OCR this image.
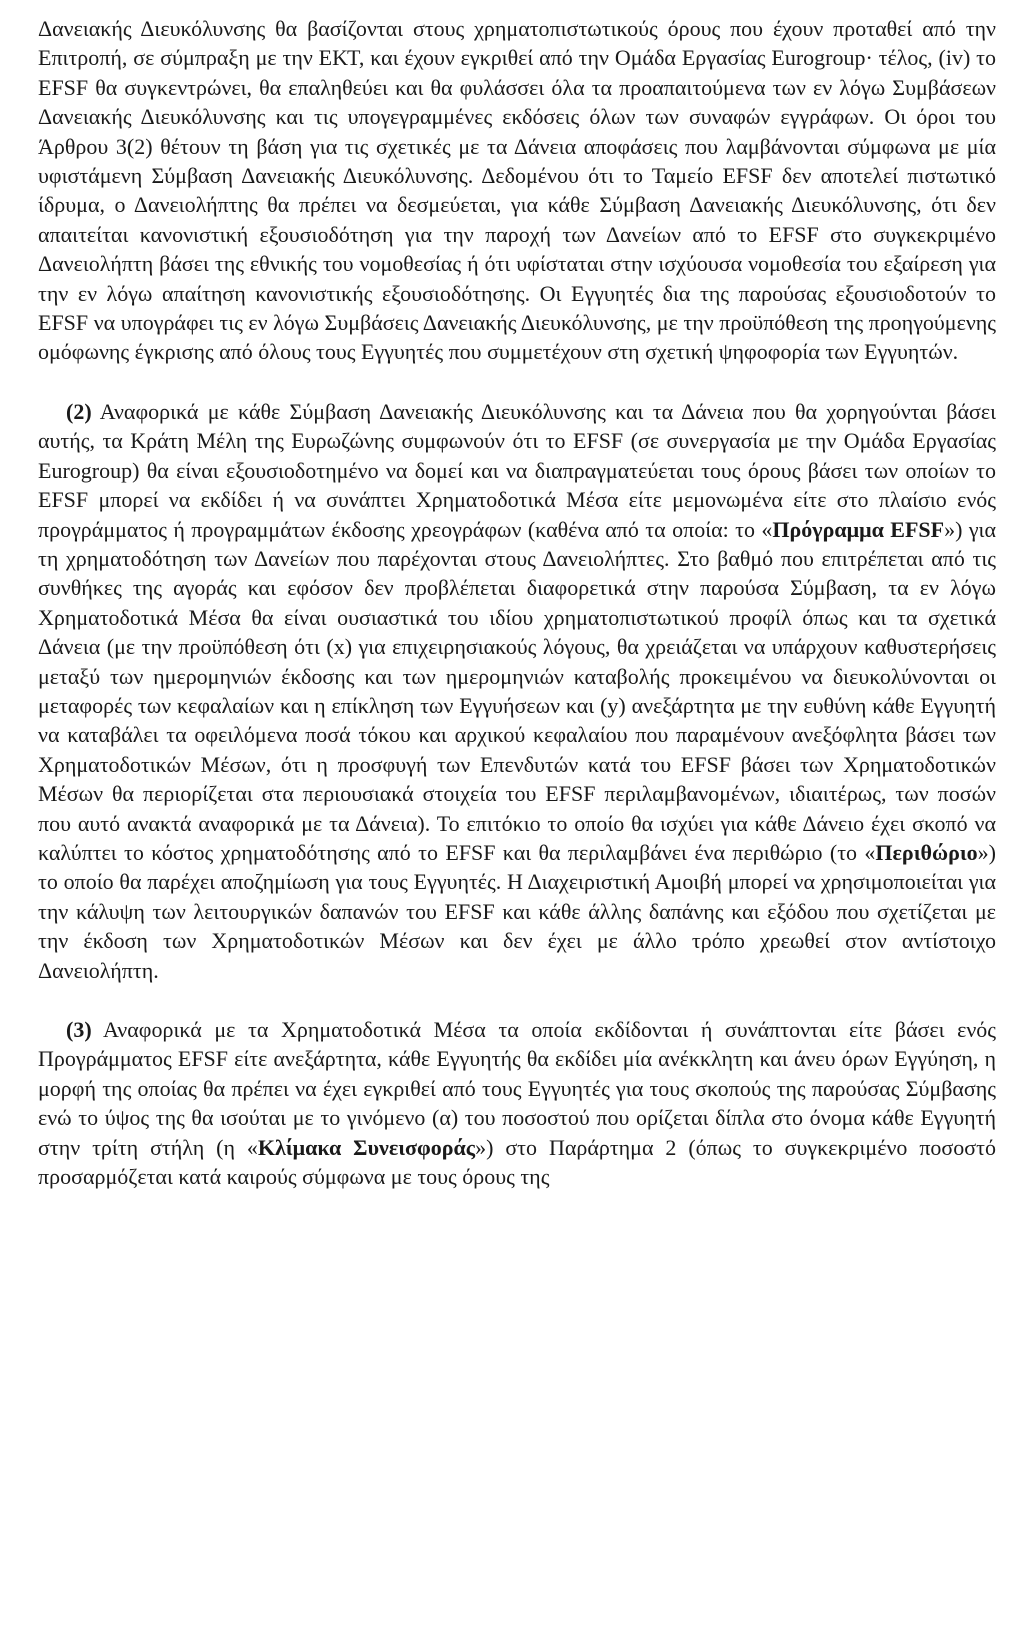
Δανειακής Διευκόλυνσης θα βασίζονται στους χρηματοπιστωτικούς όρους που έχουν προταθεί από την Επιτροπή, σε σύμπραξη με την ΕΚΤ, και έχουν εγκριθεί από την Ομάδα Εργασίας Eurogroup· τέλος, (iv) το EFSF θα συγκεντρώνει, θα επαληθεύει και θα φυλάσσει όλα τα προαπαιτούμενα των εν λόγω Συμβάσεων Δανειακής Διευκόλυνσης και τις υπογεγραμμένες εκδόσεις όλων των συναφών εγγράφων. Οι όροι του Άρθρου 3(2) θέτουν τη βάση για τις σχετικές με τα Δάνεια αποφάσεις που λαμβάνονται σύμφωνα με μία υφιστάμενη Σύμβαση Δανειακής Διευκόλυνσης. Δεδομένου ότι το Ταμείο EFSF δεν αποτελεί πιστωτικό ίδρυμα, ο Δανειολήπτης θα πρέπει να δεσμεύεται, για κάθε Σύμβαση Δανειακής Διευκόλυνσης, ότι δεν απαιτείται κανονιστική εξουσιοδότηση για την παροχή των Δανείων από το EFSF στο συγκεκριμένο Δανειολήπτη βάσει της εθνικής του νομοθεσίας ή ότι υφίσταται στην ισχύουσα νομοθεσία του εξαίρεση για την εν λόγω απαίτηση κανονιστικής εξουσιοδότησης. Οι Εγγυητές δια της παρούσας εξουσιοδοτούν το EFSF να υπογράφει τις εν λόγω Συμβάσεις Δανειακής Διευκόλυνσης, με την προϋπόθεση της προηγούμενης ομόφωνης έγκρισης από όλους τους Εγγυητές που συμμετέχουν στη σχετική ψηφοφορία των Εγγυητών.

(2) Αναφορικά με κάθε Σύμβαση Δανειακής Διευκόλυνσης και τα Δάνεια που θα χορηγούνται βάσει αυτής, τα Κράτη Μέλη της Ευρωζώνης συμφωνούν ότι το EFSF (σε συνεργασία με την Ομάδα Εργασίας Eurogroup) θα είναι εξουσιοδοτημένο να δομεί και να διαπραγματεύεται τους όρους βάσει των οποίων το EFSF μπορεί να εκδίδει ή να συνάπτει Χρηματοδοτικά Μέσα είτε μεμονωμένα είτε στο πλαίσιο ενός προγράμματος ή προγραμμάτων έκδοσης χρεογράφων (καθένα από τα οποία: το «Πρόγραμμα EFSF») για τη χρηματοδότηση των Δανείων που παρέχονται στους Δανειολήπτες. Στο βαθμό που επιτρέπεται από τις συνθήκες της αγοράς και εφόσον δεν προβλέπεται διαφορετικά στην παρούσα Σύμβαση, τα εν λόγω Χρηματοδοτικά Μέσα θα είναι ουσιαστικά του ιδίου χρηματοπιστωτικού προφίλ όπως και τα σχετικά Δάνεια (με την προϋπόθεση ότι (x) για επιχειρησιακούς λόγους, θα χρειάζεται να υπάρχουν καθυστερήσεις μεταξύ των ημερομηνιών έκδοσης και των ημερομηνιών καταβολής προκειμένου να διευκολύνονται οι μεταφορές των κεφαλαίων και η επίκληση των Εγγυήσεων και (y) ανεξάρτητα με την ευθύνη κάθε Εγγυητή να καταβάλει τα οφειλόμενα ποσά τόκου και αρχικού κεφαλαίου που παραμένουν ανεξόφλητα βάσει των Χρηματοδοτικών Μέσων, ότι η προσφυγή των Επενδυτών κατά του EFSF βάσει των Χρηματοδοτικών Μέσων θα περιορίζεται στα περιουσιακά στοιχεία του EFSF περιλαμβανομένων, ιδιαιτέρως, των ποσών που αυτό ανακτά αναφορικά με τα Δάνεια). Το επιτόκιο το οποίο θα ισχύει για κάθε Δάνειο έχει σκοπό να καλύπτει το κόστος χρηματοδότησης από το EFSF και θα περιλαμβάνει ένα περιθώριο (το «Περιθώριο») το οποίο θα παρέχει αποζημίωση για τους Εγγυητές. Η Διαχειριστική Αμοιβή μπορεί να χρησιμοποιείται για την κάλυψη των λειτουργικών δαπανών του EFSF και κάθε άλλης δαπάνης και εξόδου που σχετίζεται με την έκδοση των Χρηματοδοτικών Μέσων και δεν έχει με άλλο τρόπο χρεωθεί στον αντίστοιχο Δανειολήπτη.

(3) Αναφορικά με τα Χρηματοδοτικά Μέσα τα οποία εκδίδονται ή συνάπτονται είτε βάσει ενός Προγράμματος EFSF είτε ανεξάρτητα, κάθε Εγγυητής θα εκδίδει μία ανέκκλητη και άνευ όρων Εγγύηση, η μορφή της οποίας θα πρέπει να έχει εγκριθεί από τους Εγγυητές για τους σκοπούς της παρούσας Σύμβασης ενώ το ύψος της θα ισούται με το γινόμενο (α) του ποσοστού που ορίζεται δίπλα στο όνομα κάθε Εγγυητή στην τρίτη στήλη (η «Κλίμακα Συνεισφοράς») στο Παράρτημα 2 (όπως το συγκεκριμένο ποσοστό προσαρμόζεται κατά καιρούς σύμφωνα με τους όρους της
